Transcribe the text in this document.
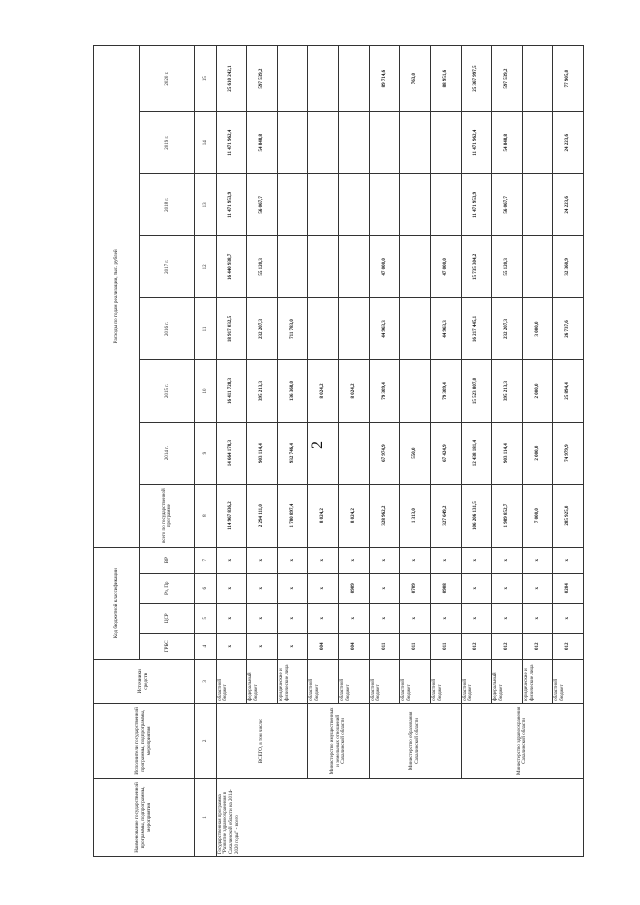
2
Наименование государственной программы, подпрограммы, мероприятия	Исполнители государственной программы, подпрограммы, мероприятия	Источники средств	Код бюджетной классификации				Расходы по годам реализации, тыс. рублей							
			ГРБС	ЦСР	Рз, Пр	ВР	всего по государственной программе	2014 г.	2015 г.	2016 г.	2017 г.	2018 г.	2019 г.	2020 г.
1	2	3	4	5	6	7	8	9	10	11	12	13	14	15
Государственная программа "Развитие здравоохранения в Сахалинской области на 2014-2020 годы" - всего	ВСЕГО, в том числе:	областной бюджет	x	x	x	x	114 967 836,2	14 664 178,3	16 411 728,3	18 917 032,5	16 440 938,7	11 471 953,9	11 471 962,4	25 610 242,1
		федеральный бюджет	x	x	x	x	2 294 111,0	903 114,4	395 213,3	232 207,3	55 120,3	56 067,7	54 848,8	597 539,2
		юридические и физические лица	x	x	x	x	1 780 897,4	932 746,4	136 368,0	711 783,0				
	Министерство имущественных и земельных отношений Сахалинской области	областной бюджет	004	x	x	x	8 024,2		8 024,2					
		областной бюджет	004	x	0909	x	8 024,2		8 024,2					
	Министерство образования Сахалинской области	областной бюджет	011	x	x	x	328 962,2	67 974,9	79 309,4	44 963,3	47 000,0			89 714,6
		областной бюджет	011	x	0709	x	1 313,0	550,0						763,0
		областной бюджет	011	x	0908	x	327 649,2	67 424,9	79 309,4	44 963,3	47 000,0			88 951,6
	Министерство здравоохранения Сахалинской области	областной бюджет	012	x	x	x	106 206 131,5	12 438 181,4	15 523 807,0	16 217 445,1	15 735 304,2	11 471 953,9	11 471 962,4	25 367 997,5
		федеральный бюджет	012	x	x	x	1 989 852,7	903 114,4	395 213,3	232 207,3	55 120,3	56 067,7	54 848,8	597 539,2
		юридические и физические лица	012	x	x	x	7 000,0	2 000,0	2 000,0	3 000,0				
		областной бюджет	012	x	0204	x	285 925,0	74 979,9	25 894,4	26 737,6	32 360,9	24 223,6	24 223,6	77 905,0
